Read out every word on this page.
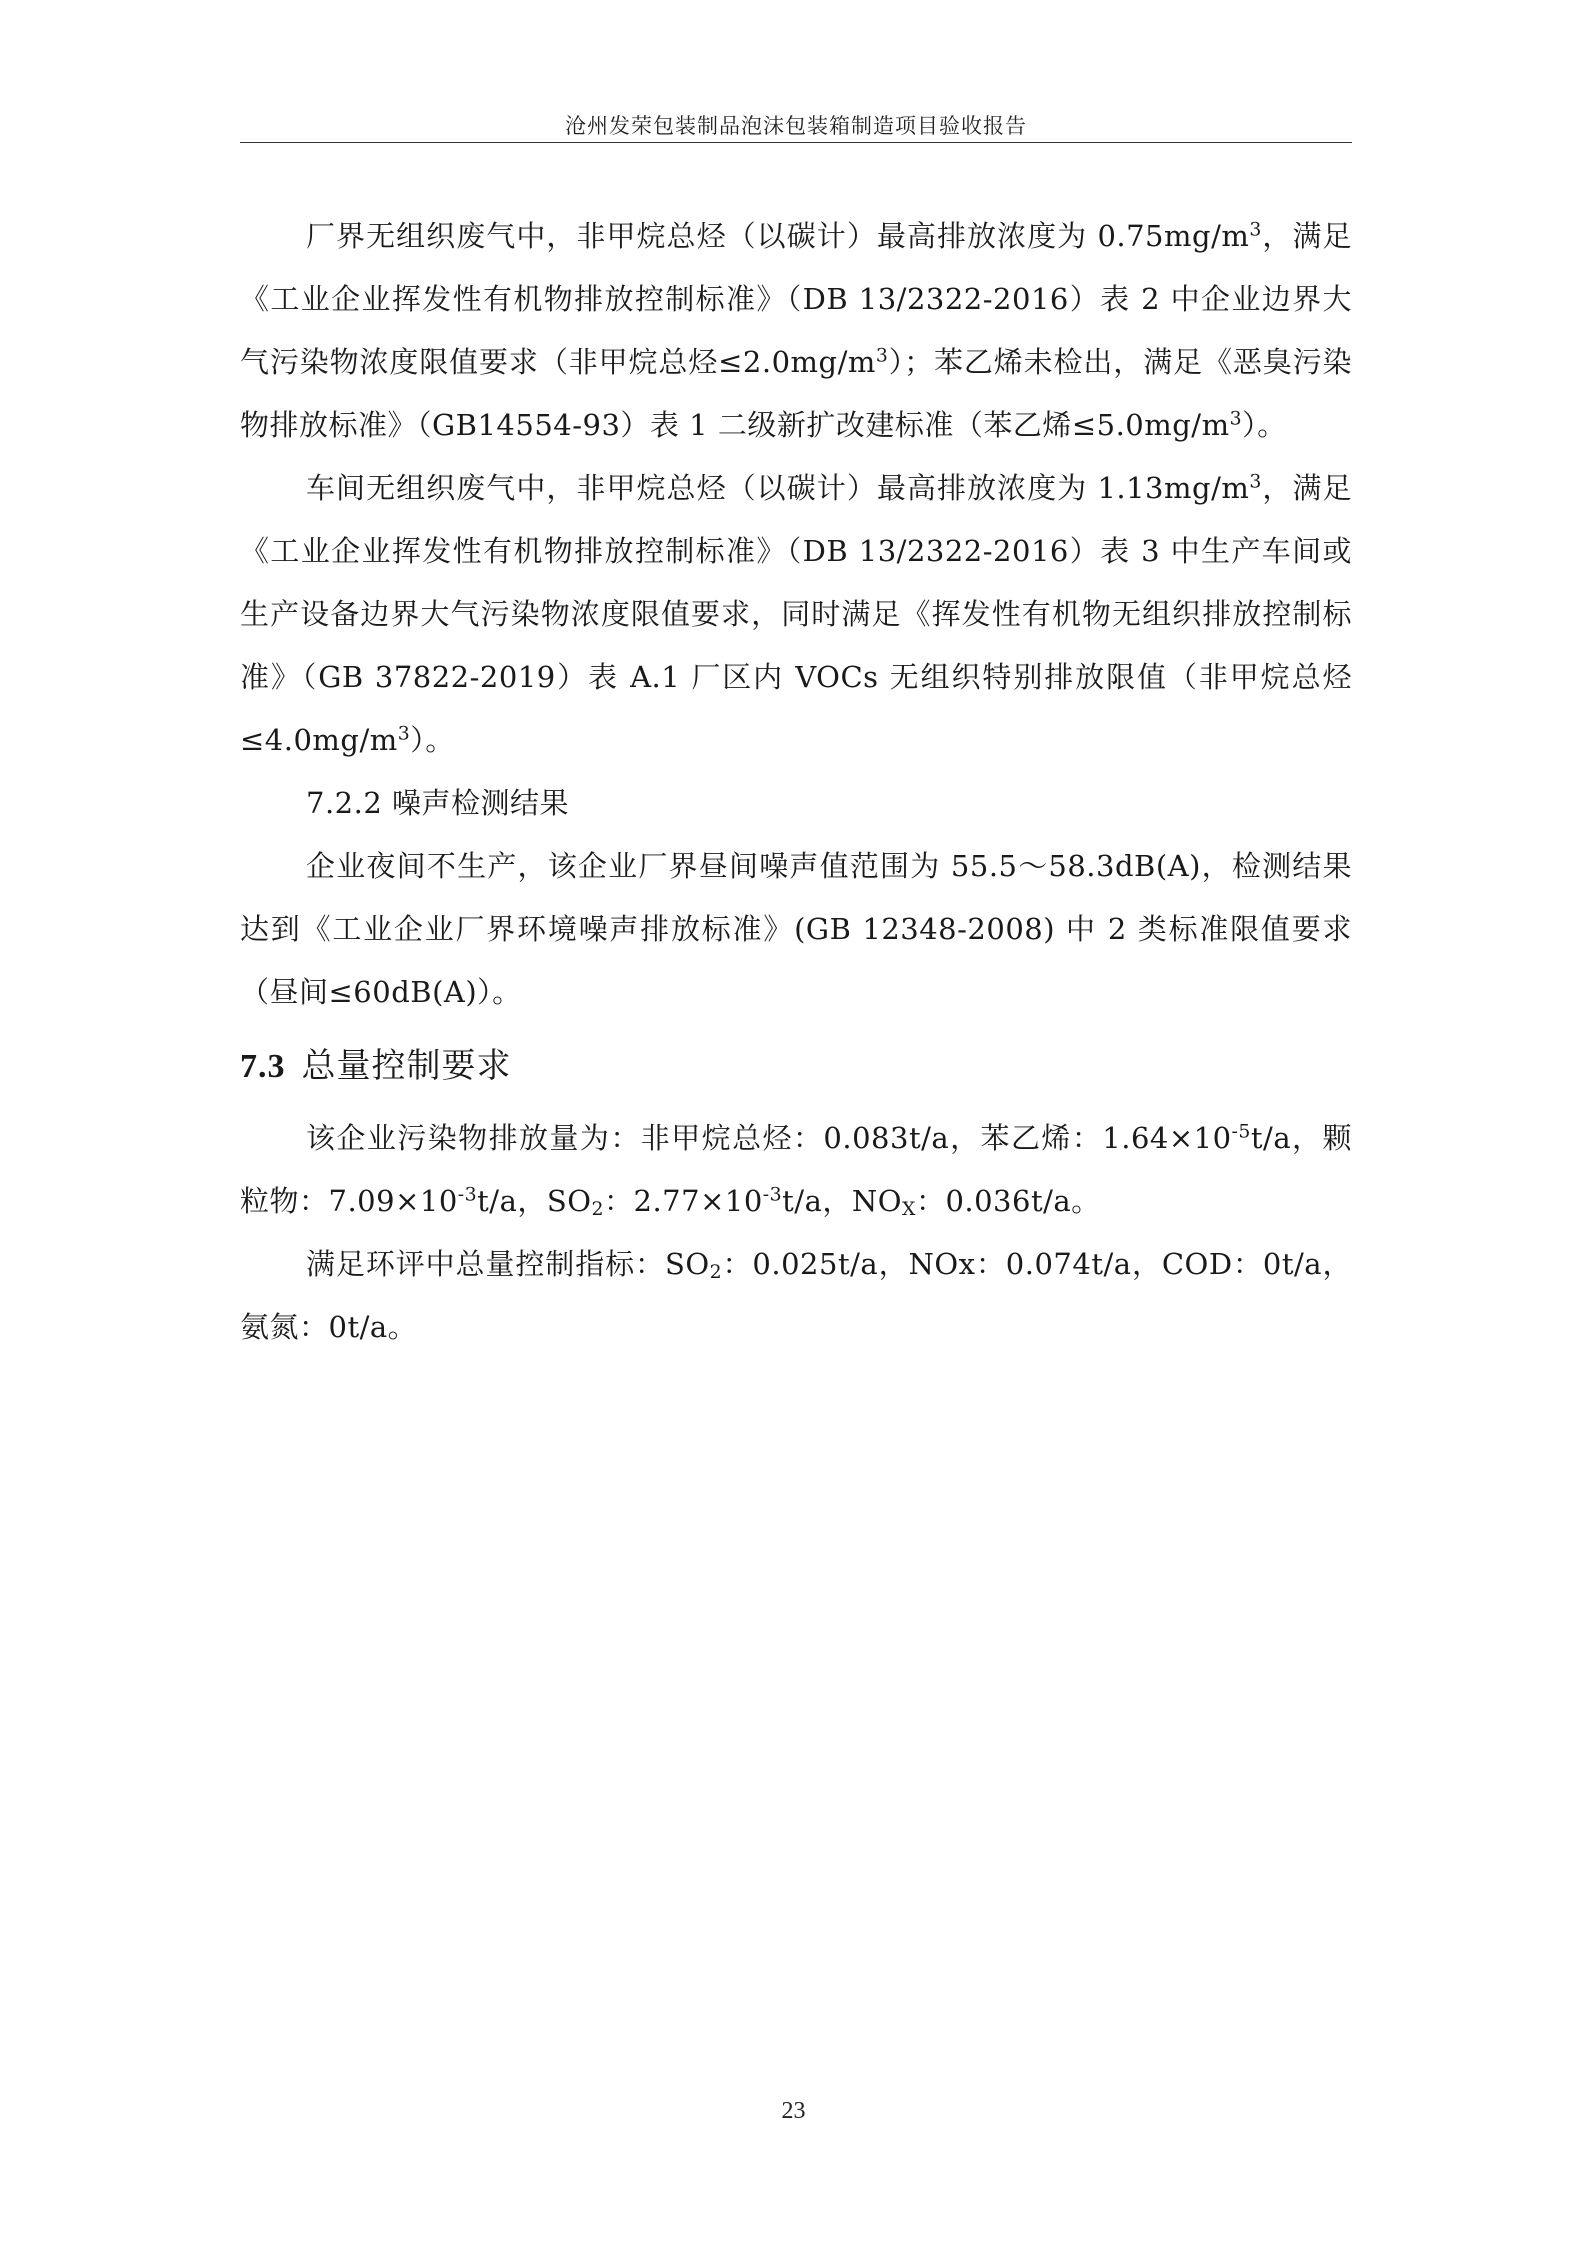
沧州发荣包装制品泡沫包装箱制造项目验收报告

厂界无组织废气中，非甲烷总烃（以碳计）最高排放浓度为 $0.75mg/m^3$，满足《工业企业挥发性有机物排放控制标准》（DB 13/2322-2016）表 2 中企业边界大气污染物浓度限值要求（非甲烷总烃$\le 2.0mg/m^3$）；苯乙烯未检出，满足《恶臭污染物排放标准》（GB14554-93）表 1 二级新扩改建标准（苯乙烯$\le 5.0mg/m^3$）。

车间无组织废气中，非甲烷总烃（以碳计）最高排放浓度为 $1.13mg/m^3$，满足《工业企业挥发性有机物排放控制标准》（DB 13/2322-2016）表 3 中生产车间或生产设备边界大气污染物浓度限值要求，同时满足《挥发性有机物无组织排放控制标准》（GB 37822-2019）表 A.1 厂区内 VOCs 无组织特别排放限值（非甲烷总烃$\le 4.0mg/m^3$）。

7.2.2 噪声检测结果

企业夜间不生产，该企业厂界昼间噪声值范围为 55.5～58.3dB(A)，检测结果达到《工业企业厂界环境噪声排放标准》(GB 12348-2008) 中 2 类标准限值要求（昼间≤60dB(A)）。

7.3 总量控制要求

该企业污染物排放量为：非甲烷总烃：0.083t/a，苯乙烯：$1.64\times 10^{-5}t/a$，颗粒物：$7.09\times 10^{-3}t/a$，$SO_2$：$2.77\times 10^{-3}t/a$，$NO_X$：0.036t/a。

满足环评中总量控制指标：$SO_2$：0.025t/a，NOx：0.074t/a，COD：0t/a，氨氮：0t/a。

23
